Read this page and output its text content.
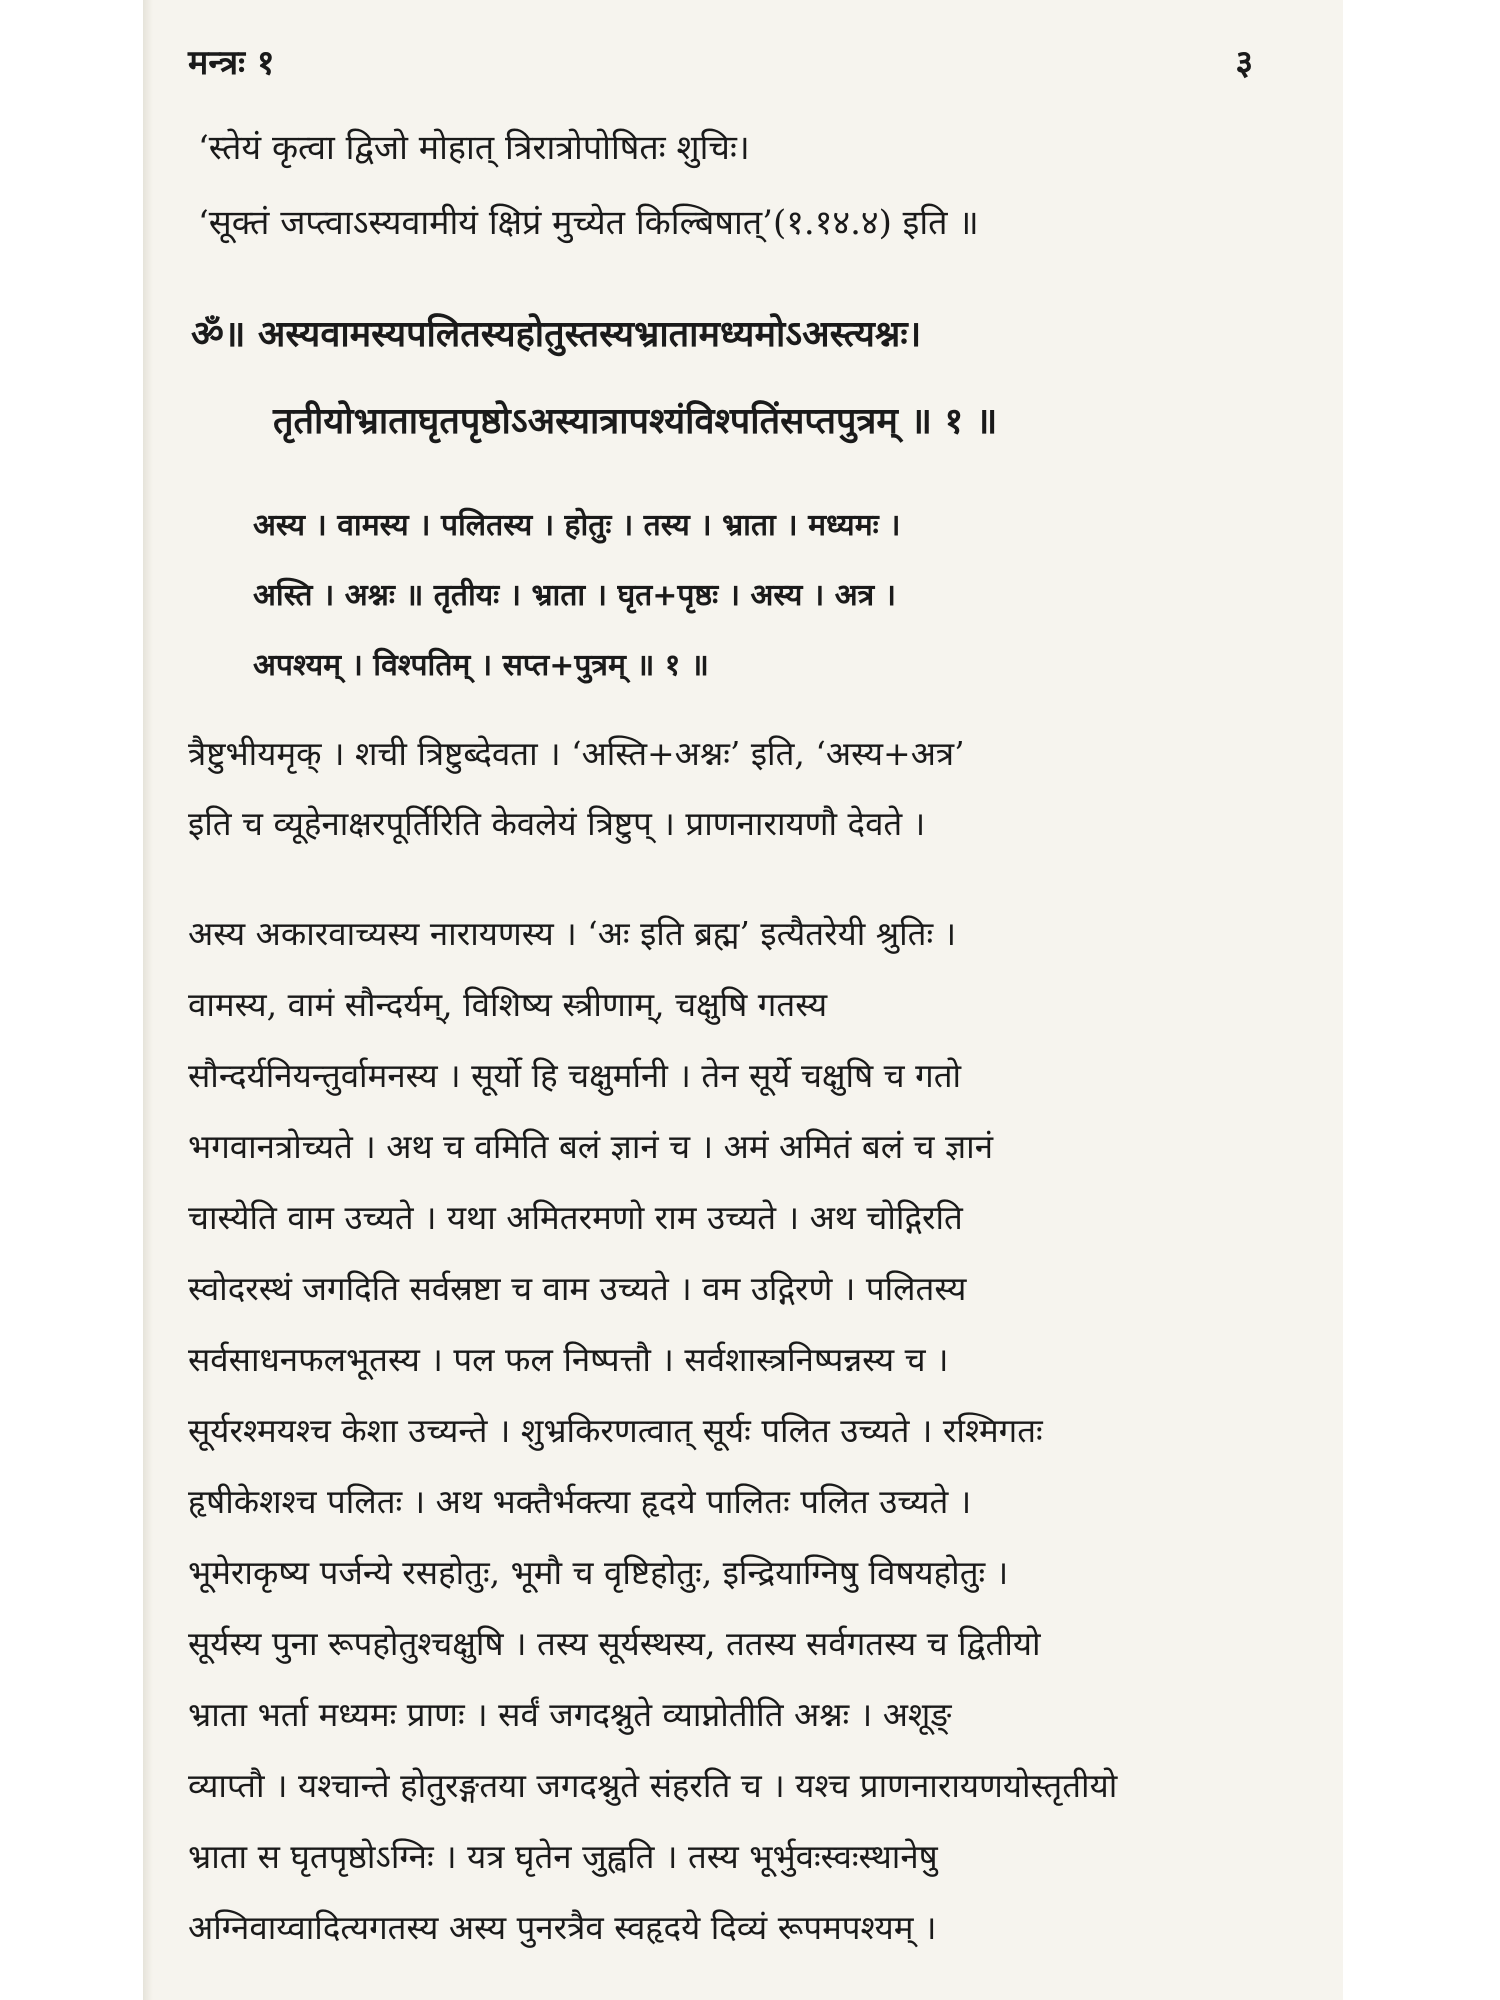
मन्त्रः १	३
‘स्तेयं कृत्वा द्विजो मोहात् त्रिरात्रोपोषितः शुचिः।
‘सूक्तं जप्त्वाऽस्यवामीयं क्षिप्रं मुच्येत किल्बिषात्’(१.१४.४) इति ॥
ॐ॥ अस्यवामस्यपलितस्यहोतुस्तस्यभ्रातामध्यमोऽअस्त्यश्नः।
तृतीयोभ्राताघृतपृष्ठोऽअस्यात्रापश्यंविश्पतिंसप्तपुत्रम् ॥ १ ॥
अस्य । वामस्य । पलितस्य । होतुः । तस्य । भ्राता । मध्यमः ।
अस्ति । अश्नः ॥ तृतीयः । भ्राता । घृत+पृष्ठः । अस्य । अत्र ।
अपश्यम् । विश्पतिम् । सप्त+पुत्रम् ॥ १ ॥
त्रैष्टुभीयमृक् । शची त्रिष्टुब्देवता । ‘अस्ति+अश्नः’ इति, ‘अस्य+अत्र’
इति च व्यूहेनाक्षरपूर्तिरिति केवलेयं त्रिष्टुप् । प्राणनारायणौ देवते ।
अस्य अकारवाच्यस्य नारायणस्य । ‘अः इति ब्रह्म’ इत्यैतरेयी श्रुतिः ।
वामस्य, वामं सौन्दर्यम्, विशिष्य स्त्रीणाम्, चक्षुषि गतस्य
सौन्दर्यनियन्तुर्वामनस्य । सूर्यो हि चक्षुर्मानी । तेन सूर्ये चक्षुषि च गतो
भगवानत्रोच्यते । अथ च वमिति बलं ज्ञानं च । अमं अमितं बलं च ज्ञानं
चास्येति वाम उच्यते । यथा अमितरमणो राम उच्यते । अथ चोद्गिरति
स्वोदरस्थं जगदिति सर्वस्रष्टा च वाम उच्यते । वम उद्गिरणे । पलितस्य
सर्वसाधनफलभूतस्य । पल फल निष्पत्तौ । सर्वशास्त्रनिष्पन्नस्य च ।
सूर्यरश्मयश्च केशा उच्यन्ते । शुभ्रकिरणत्वात् सूर्यः पलित उच्यते । रश्मिगतः
हृषीकेशश्च पलितः । अथ भक्तैर्भक्त्या हृदये पालितः पलित उच्यते ।
भूमेराकृष्य पर्जन्ये रसहोतुः, भूमौ च वृष्टिहोतुः, इन्द्रियाग्निषु विषयहोतुः ।
सूर्यस्य पुना रूपहोतुश्चक्षुषि । तस्य सूर्यस्थस्य, ततस्य सर्वगतस्य च द्वितीयो
भ्राता भर्ता मध्यमः प्राणः । सर्वं जगदश्नुते व्याप्नोतीति अश्नः । अशूङ्
व्याप्तौ । यश्चान्ते होतुरङ्गतया जगदश्नुते संहरति च । यश्च प्राणनारायणयोस्तृतीयो
भ्राता स घृतपृष्ठोऽग्निः । यत्र घृतेन जुह्वति । तस्य भूर्भुवःस्वःस्थानेषु
अग्निवाय्वादित्यगतस्य अस्य पुनरत्रैव स्वहृदये दिव्यं रूपमपश्यम् ।
